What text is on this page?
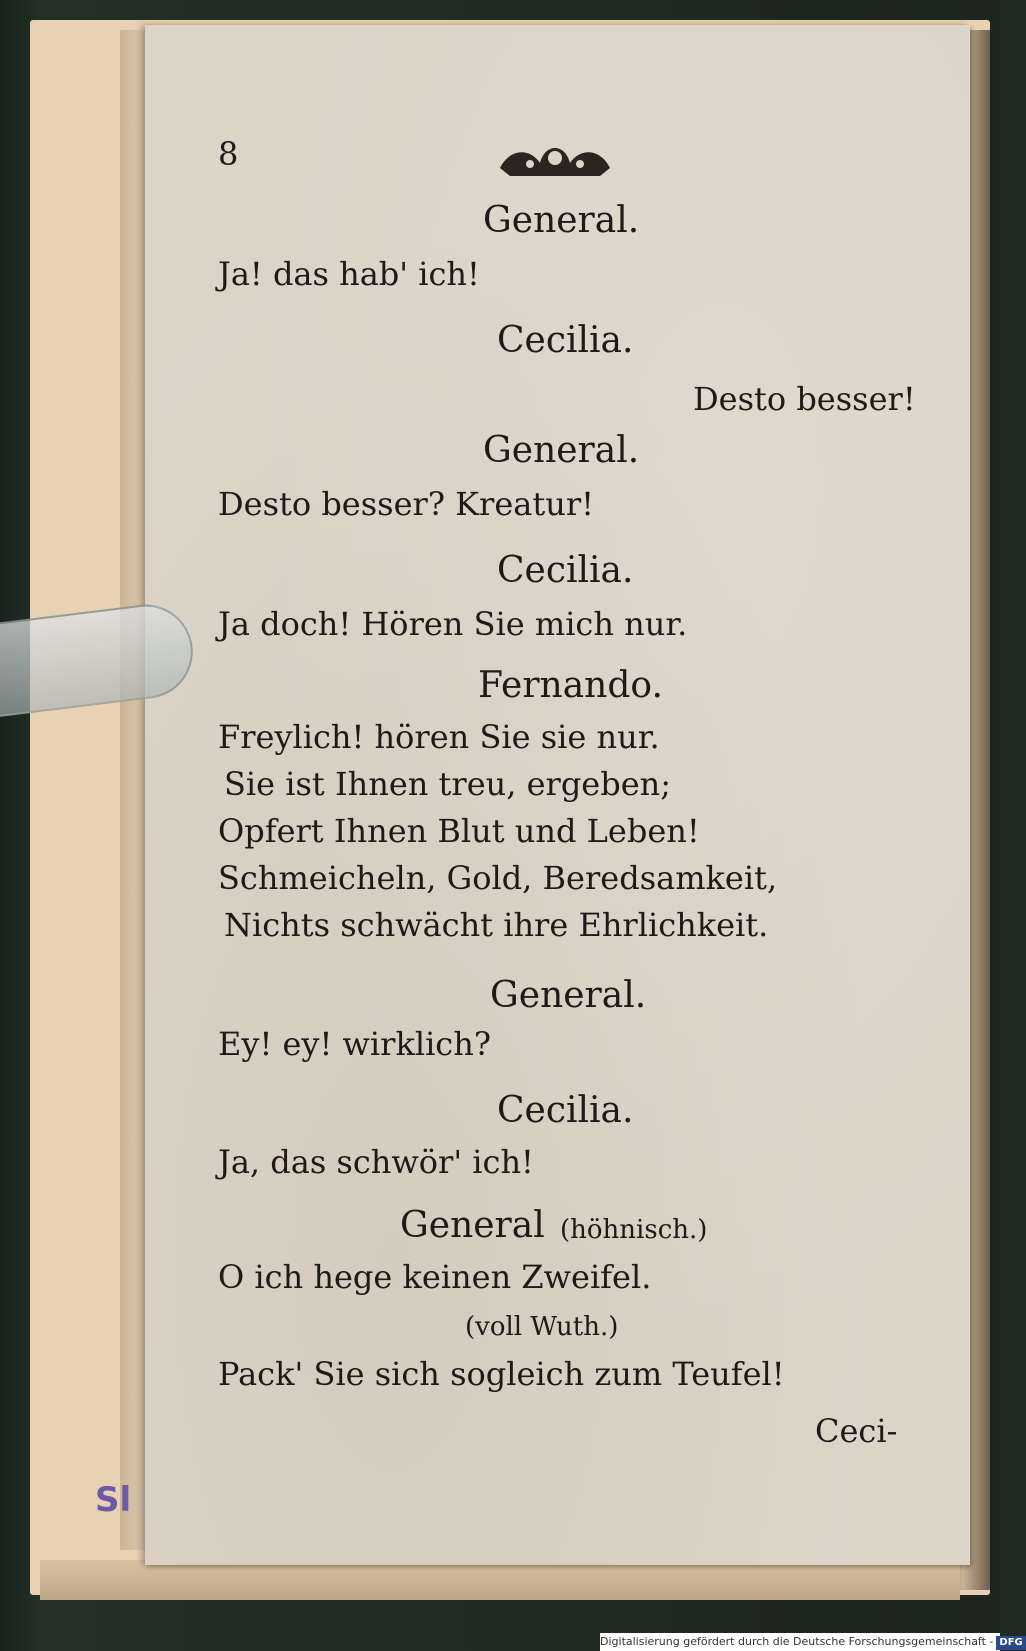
8
General.
Ja! das hab' ich!
Cecilia.
Desto besser!
General.
Desto besser? Kreatur!
Cecilia.
Ja doch! Hören Sie mich nur.
Fernando.
Freylich! hören Sie sie nur.
Sie ist Ihnen treu, ergeben;
Opfert Ihnen Blut und Leben!
Schmeicheln, Gold, Beredsamkeit,
Nichts schwächt ihre Ehrlichkeit.
General.
Ey! ey! wirklich?
Cecilia.
Ja, das schwör' ich!
General (höhnisch.)
O ich hege keinen Zweifel.
(voll Wuth.)
Pack' Sie sich sogleich zum Teufel!
Ceci-
Sl
Digitalisierung gefördert durch die Deutsche Forschungsgemeinschaft - DFG
